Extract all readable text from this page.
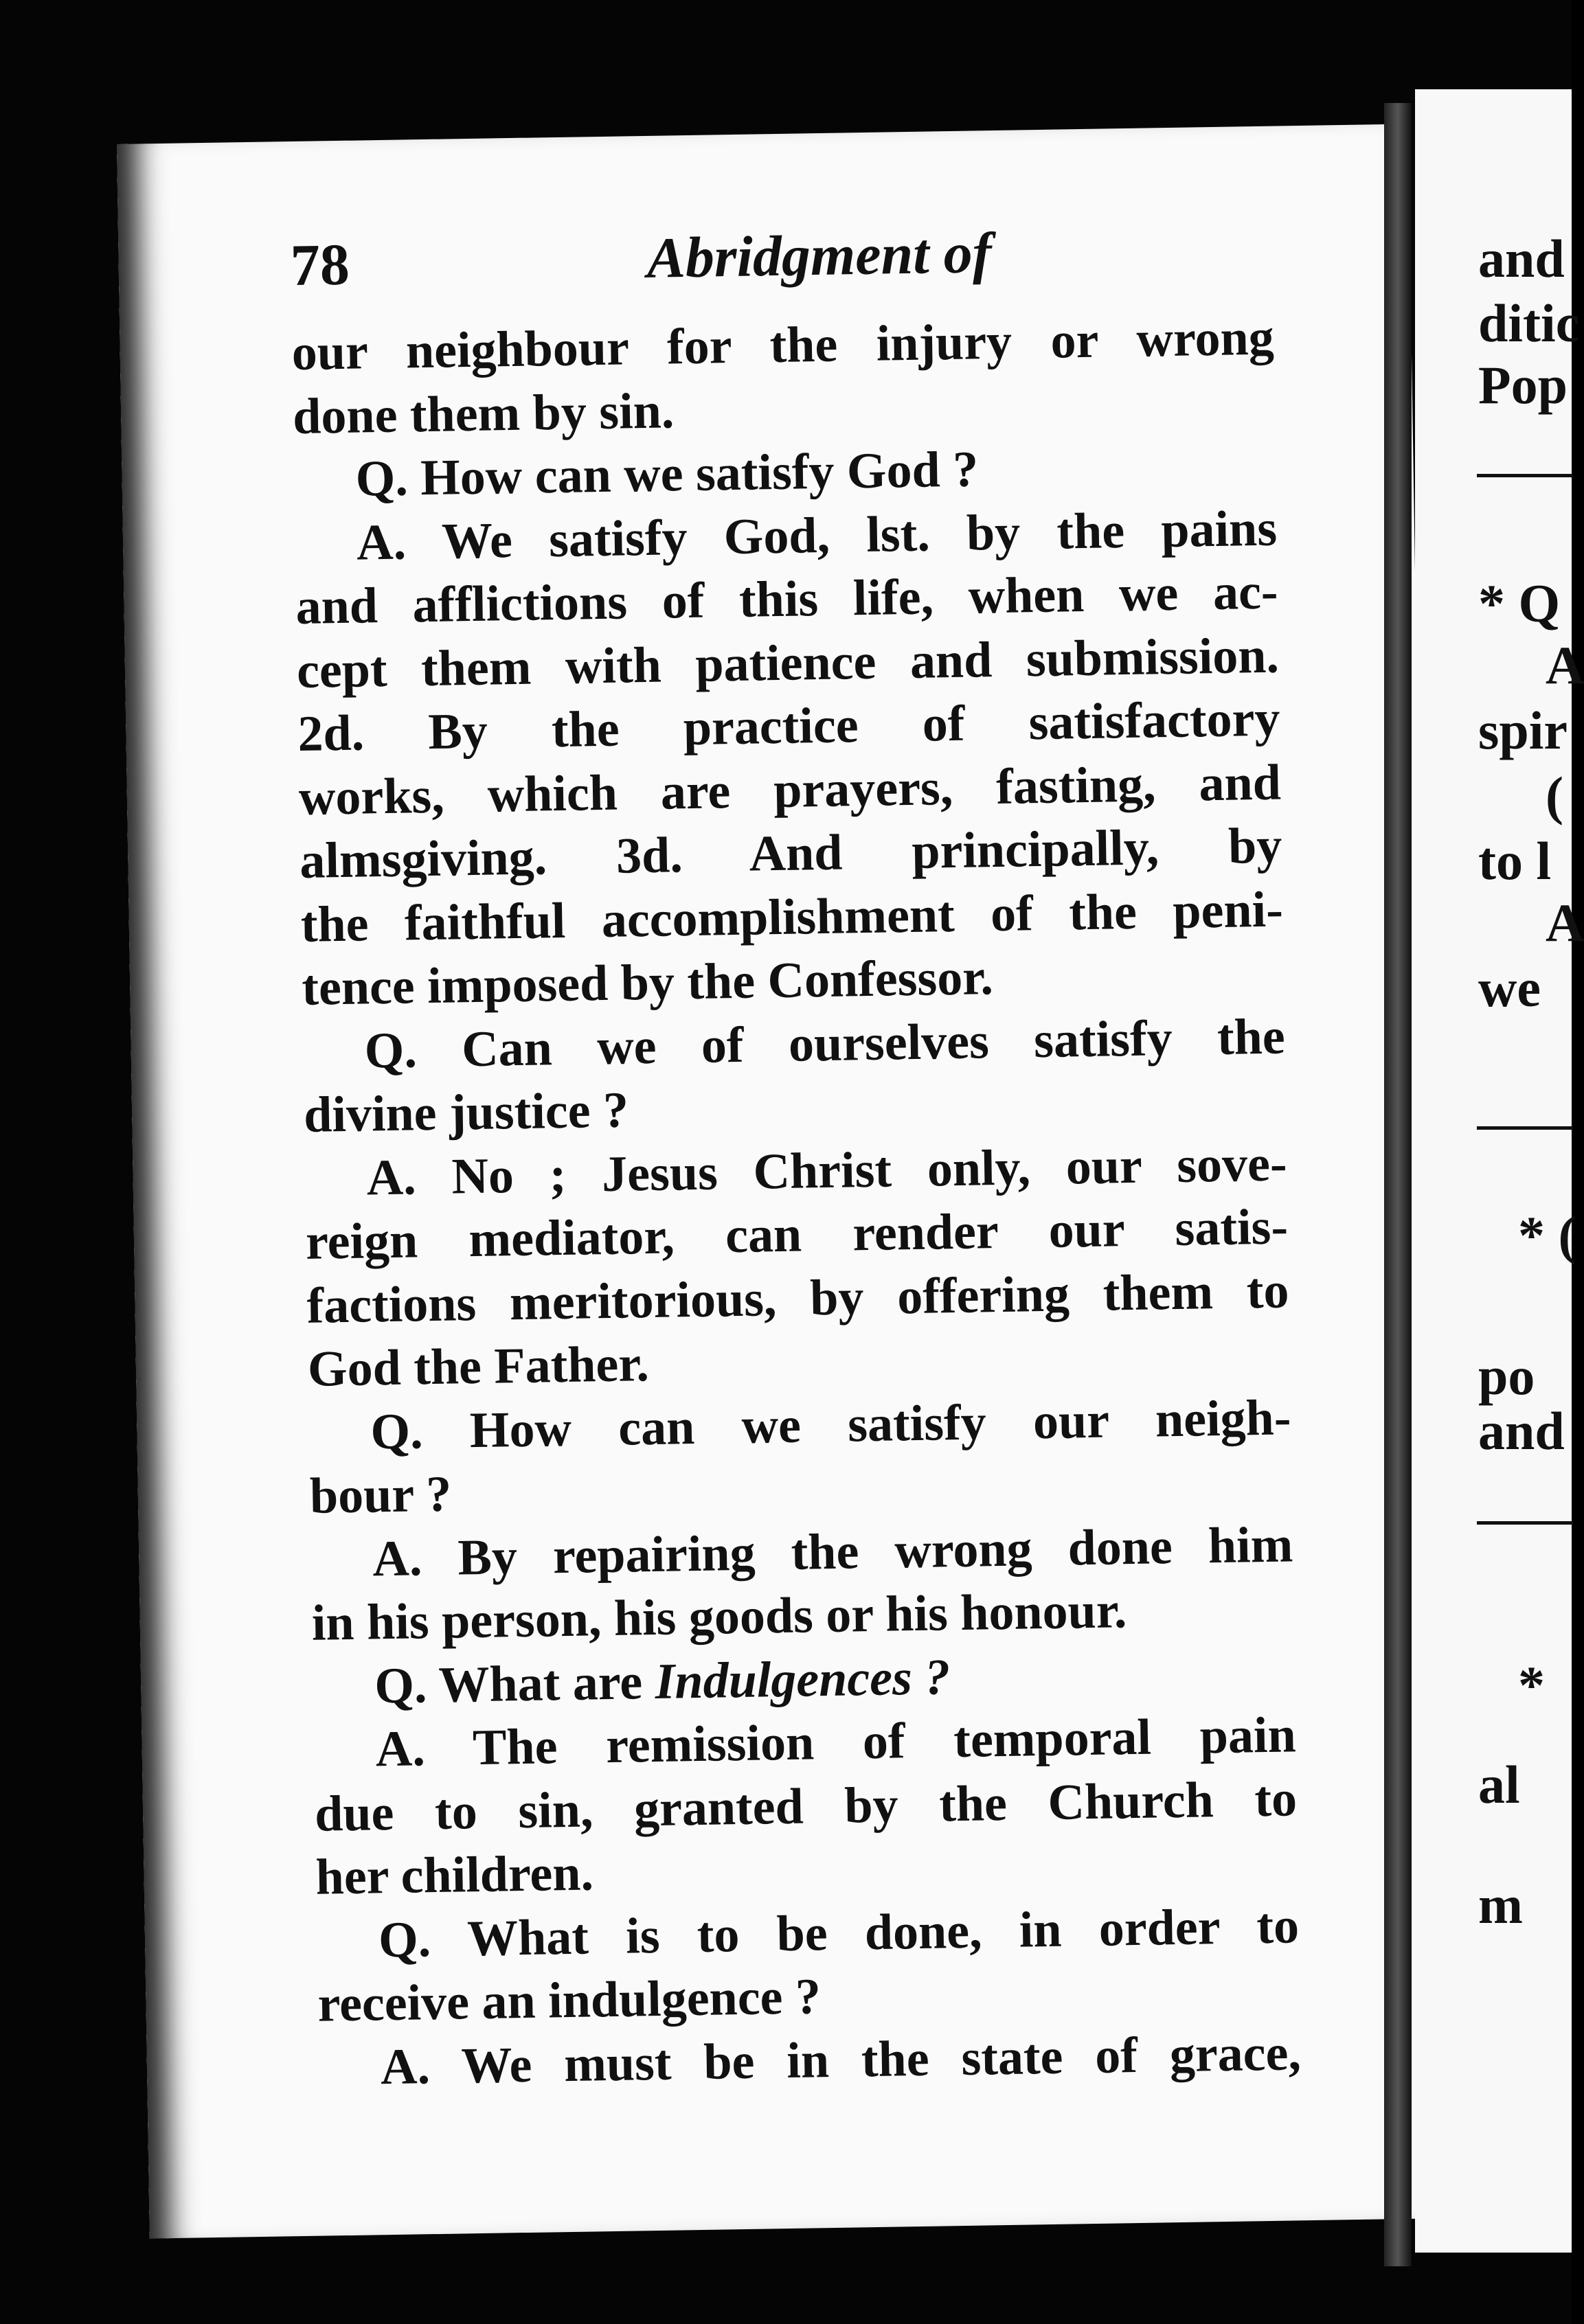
78	Abridgment of
our neighbour for the injury or wrong
done them by sin.
Q. How can we satisfy God ?
A. We satisfy God, lst. by the pains
and afflictions of this life, when we ac-
cept them with patience and submission.
2d. By the practice of satisfactory
works, which are prayers, fasting, and
almsgiving. 3d. And principally, by
the faithful accomplishment of the peni-
tence imposed by the Confessor.
Q. Can we of ourselves satisfy the
divine justice ?
A. No ; Jesus Christ only, our sove-
reign mediator, can render our satis-
factions meritorious, by offering them to
God the Father.
Q. How can we satisfy our neigh-
bour ?
A. By repairing the wrong done him
in his person, his goods or his honour.
Q. What are Indulgences ?
A. The remission of temporal pain
due to sin, granted by the Church to
her children.
Q. What is to be done, in order to
receive an indulgence ?
A. We must be in the state of grace,
and
ditic
Pop
* Q
A
spir
(
to l
A
we
* (
po
and
*
al
m
